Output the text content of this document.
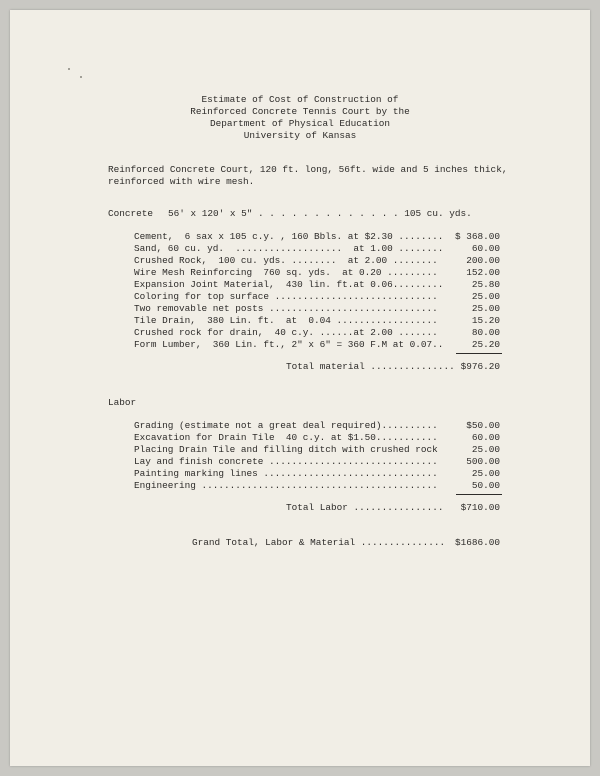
Estimate of Cost of Construction of
Reinforced Concrete Tennis Court by the
Department of Physical Education
University of Kansas
Reinforced Concrete Court, 120 ft. long, 56ft. wide and 5 inches thick,
reinforced with wire mesh.
Concrete 56' x 120' x 5" . . . . . . . . . . . . . 105 cu. yds.
Cement,  6 sax x 105 c.y. , 160 Bbls. at $2.30 ........	$ 368.00
Sand, 60 cu. yd.  ...................  at 1.00 ........	60.00
Crushed Rock,  100 cu. yds. ........  at 2.00 ........	200.00
Wire Mesh Reinforcing  760 sq. yds.  at 0.20 .........	152.00
Expansion Joint Material,  430 lin. ft.at 0.06.........	25.80
Coloring for top surface .............................	25.00
Two removable net posts ..............................	25.00
Tile Drain,  380 Lin. ft.  at  0.04 ..................	15.20
Crushed rock for drain,  40 c.y. ......at 2.00 .......	80.00
Form Lumber,  360 Lin. ft., 2" x 6" = 360 F.M at 0.07..	25.20
Total material ............... $976.20
Labor
Grading (estimate not a great deal required)..........	$50.00
Excavation for Drain Tile  40 c.y. at $1.50...........	60.00
Placing Drain Tile and filling ditch with crushed rock	25.00
Lay and finish concrete ..............................	500.00
Painting marking lines ...............................	25.00
Engineering ..........................................	50.00
Total Labor ................	$710.00
Grand Total, Labor & Material ...............	$1686.00
